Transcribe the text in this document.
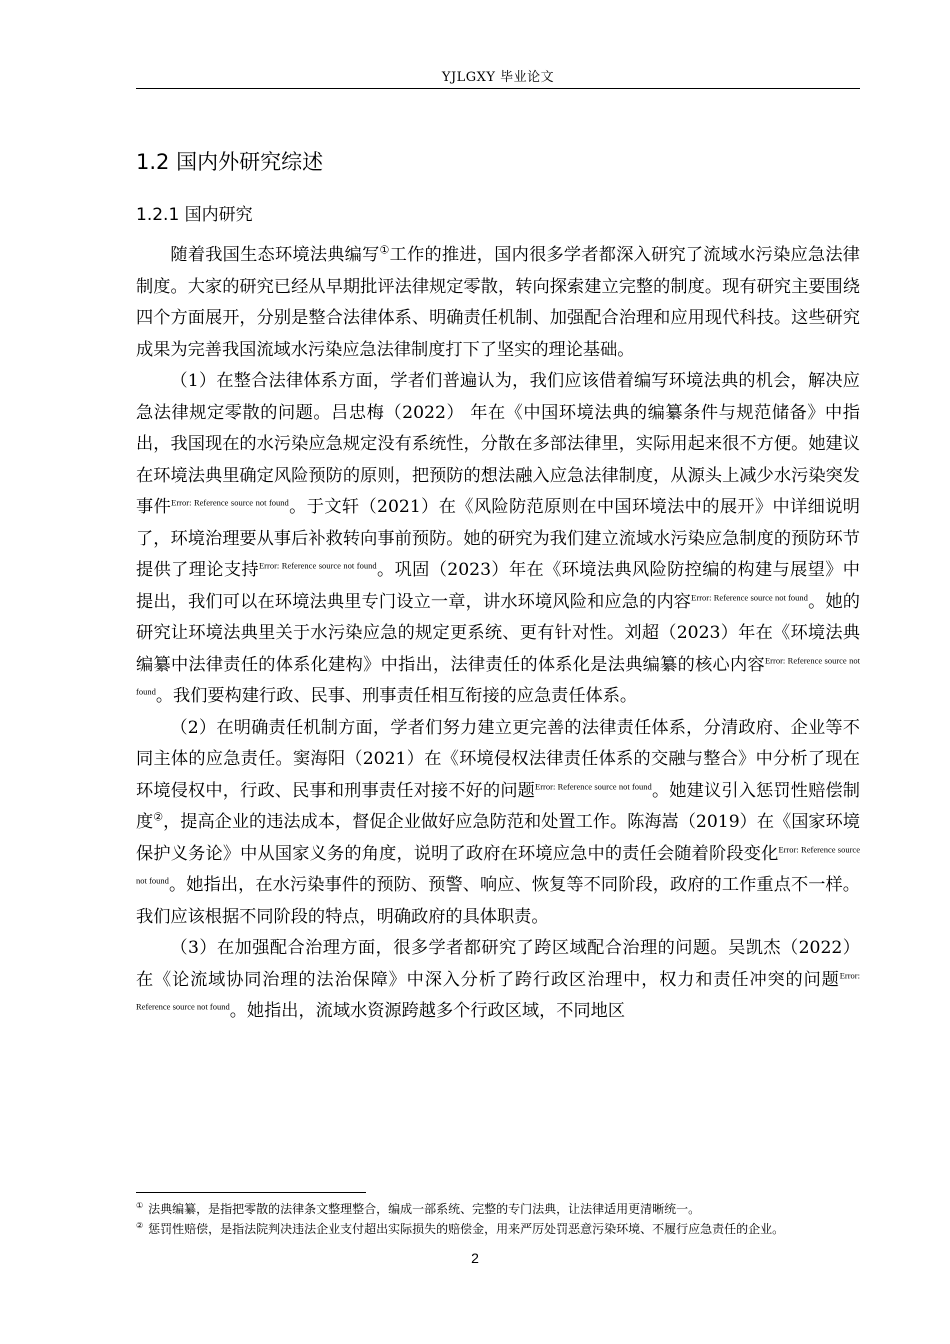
YJLGXY 毕业论文
1.2 国内外研究综述
1.2.1 国内研究

随着我国生态环境法典编写①工作的推进，国内很多学者都深入研究了流域水污染应急法律制度。大家的研究已经从早期批评法律规定零散，转向探索建立完整的制度。现有研究主要围绕四个方面展开，分别是整合法律体系、明确责任机制、加强配合治理和应用现代科技。这些研究成果为完善我国流域水污染应急法律制度打下了坚实的理论基础。

（1）在整合法律体系方面，学者们普遍认为，我们应该借着编写环境法典的机会，解决应急法律规定零散的问题。吕忠梅（2022） 年在《中国环境法典的编纂条件与规范储备》中指出，我国现在的水污染应急规定没有系统性，分散在多部法律里，实际用起来很不方便。她建议在环境法典里确定风险预防的原则，把预防的想法融入应急法律制度，从源头上减少水污染突发事件$^{Error: Reference source not found}$。于文轩（2021）在《风险防范原则在中国环境法中的展开》中详细说明了，环境治理要从事后补救转向事前预防。她的研究为我们建立流域水污染应急制度的预防环节提供了理论支持$^{Error: Reference source not found}$。巩固（2023）年在《环境法典风险防控编的构建与展望》中提出，我们可以在环境法典里专门设立一章，讲水环境风险和应急的内容$^{Error: Reference source not found}$。她的研究让环境法典里关于水污染应急的规定更系统、更有针对性。刘超（2023）年在《环境法典编纂中法律责任的体系化建构》中指出，法律责任的体系化是法典编纂的核心内容$^{Error: Reference source not found}$。我们要构建行政、民事、刑事责任相互衔接的应急责任体系。

（2）在明确责任机制方面，学者们努力建立更完善的法律责任体系，分清政府、企业等不同主体的应急责任。窦海阳（2021）在《环境侵权法律责任体系的交融与整合》中分析了现在环境侵权中，行政、民事和刑事责任对接不好的问题$^{Error: Reference source not found}$。她建议引入惩罚性赔偿制度②，提高企业的违法成本，督促企业做好应急防范和处置工作。陈海嵩（2019）在《国家环境保护义务论》中从国家义务的角度，说明了政府在环境应急中的责任会随着阶段变化$^{Error: Reference source not found}$。她指出，在水污染事件的预防、预警、响应、恢复等不同阶段，政府的工作重点不一样。我们应该根据不同阶段的特点，明确政府的具体职责。

（3）在加强配合治理方面，很多学者都研究了跨区域配合治理的问题。吴凯杰（2022）在《论流域协同治理的法治保障》中深入分析了跨行政区治理中，权力和责任冲突的问题$^{Error: Reference source not found}$。她指出，流域水资源跨越多个行政区域，不同地区

① 法典编纂，是指把零散的法律条文整理整合，编成一部系统、完整的专门法典，让法律适用更清晰统一。

② 惩罚性赔偿，是指法院判决违法企业支付超出实际损失的赔偿金，用来严厉处罚恶意污染环境、不履行应急责任的企业。

2
